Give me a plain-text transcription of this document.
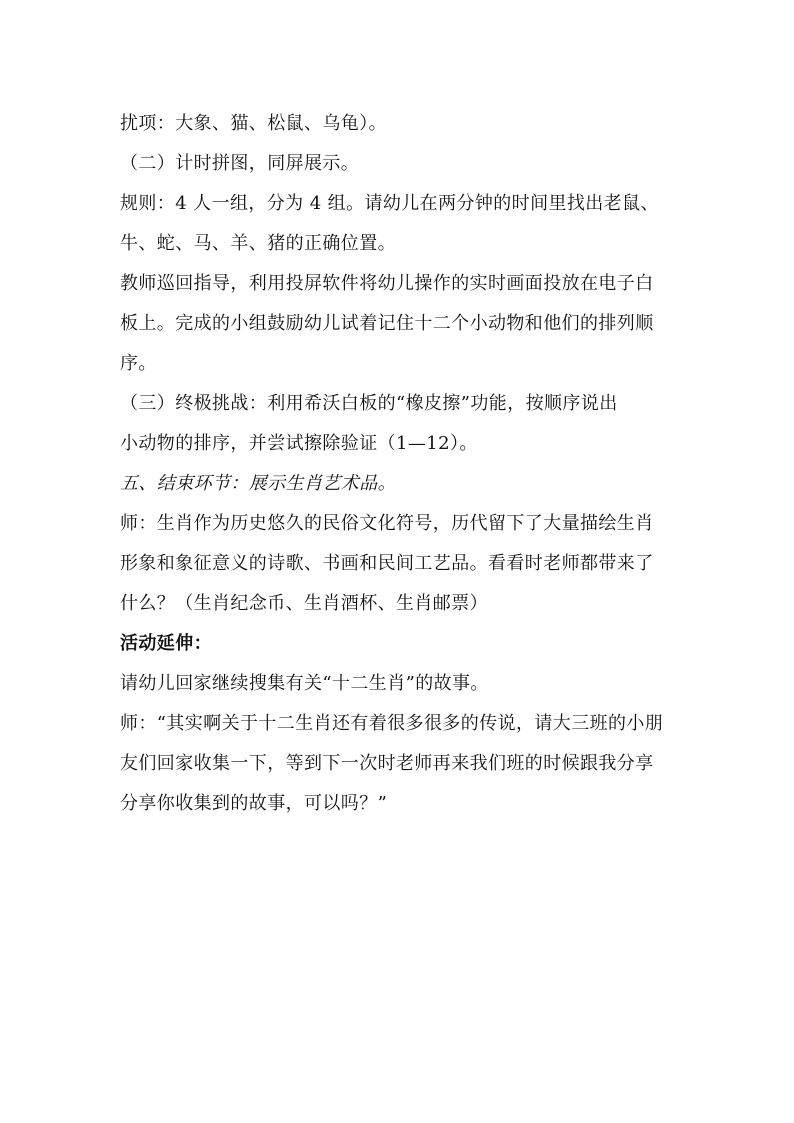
扰项：大象、猫、松鼠、乌龟）。

（二）计时拼图，同屏展示。

规则：4 人一组，分为 4 组。请幼儿在两分钟的时间里找出老鼠、牛、蛇、马、羊、猪的正确位置。

教师巡回指导，利用投屏软件将幼儿操作的实时画面投放在电子白板上。完成的小组鼓励幼儿试着记住十二个小动物和他们的排列顺序。

（三）终极挑战：利用希沃白板的“橡皮擦”功能，按顺序说出

小动物的排序，并尝试擦除验证（1—12）。

五、结束环节：展示生肖艺术品。

师：生肖作为历史悠久的民俗文化符号，历代留下了大量描绘生肖形象和象征意义的诗歌、书画和民间工艺品。看看时老师都带来了什么？（生肖纪念币、生肖酒杯、生肖邮票）

活动延伸：

请幼儿回家继续搜集有关“十二生肖”的故事。

师：“其实啊关于十二生肖还有着很多很多的传说，请大三班的小朋友们回家收集一下，等到下一次时老师再来我们班的时候跟我分享分享你收集到的故事，可以吗？”
